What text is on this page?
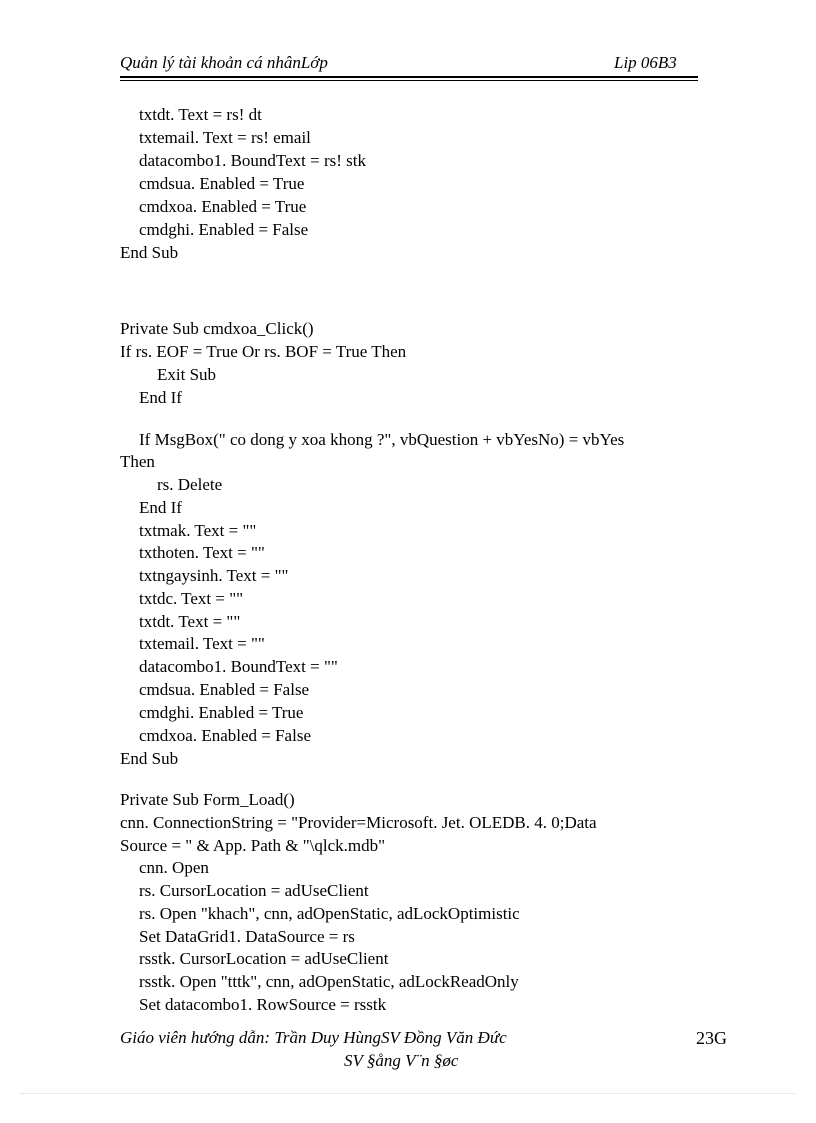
Quản lý tài khoản cá nhânLớp	Lip 06B3
txtdt. Text = rs! dt
txtemail. Text = rs! email
datacombo1. BoundText = rs! stk
cmdsua. Enabled = True
cmdxoa. Enabled = True
cmdghi. Enabled = False
End Sub
Private Sub cmdxoa_Click()
If rs. EOF = True Or rs. BOF = True Then
Exit Sub
End If
If MsgBox(" co dong y xoa khong ?", vbQuestion + vbYesNo) = vbYes
Then
rs. Delete
End If
txtmak. Text = ""
txthoten. Text = ""
txtngaysinh. Text = ""
txtdc. Text = ""
txtdt. Text = ""
txtemail. Text = ""
datacombo1. BoundText = ""
cmdsua. Enabled = False
cmdghi. Enabled = True
cmdxoa. Enabled = False
End Sub
Private Sub Form_Load()
cnn. ConnectionString = "Provider=Microsoft. Jet. OLEDB. 4. 0;Data
Source = " & App. Path & "\qlck.mdb"
cnn. Open
rs. CursorLocation = adUseClient
rs. Open "khach", cnn, adOpenStatic, adLockOptimistic
Set DataGrid1. DataSource = rs
rsstk. CursorLocation = adUseClient
rsstk. Open "tttk", cnn, adOpenStatic, adLockReadOnly
Set datacombo1. RowSource = rsstk
Giáo viên hướng dẫn: Trần Duy HùngSV Đồng Văn Đức	23G
SV §ång V¨n §øc
